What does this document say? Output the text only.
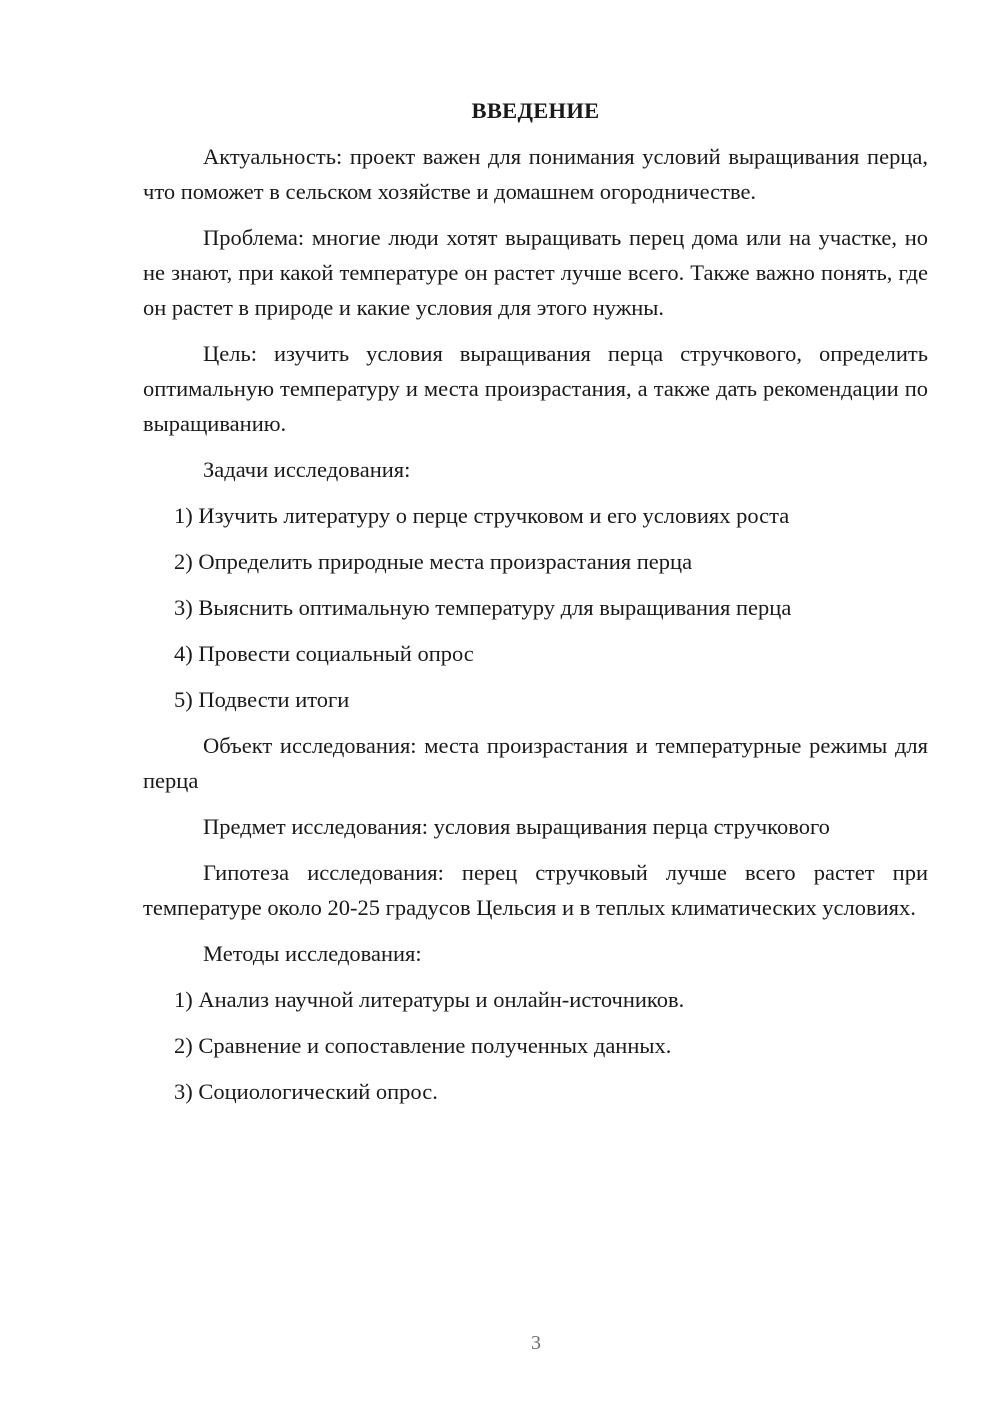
ВВЕДЕНИЕ

Актуальность: проект важен для понимания условий выращивания перца, что поможет в сельском хозяйстве и домашнем огородничестве.

Проблема: многие люди хотят выращивать перец дома или на участке, но не знают, при какой температуре он растет лучше всего. Также важно понять, где он растет в природе и какие условия для этого нужны.

Цель: изучить условия выращивания перца стручкового, определить оптимальную температуру и места произрастания, а также дать рекомендации по выращиванию.

Задачи исследования:

1) Изучить литературу о перце стручковом и его условиях роста
2) Определить природные места произрастания перца
3) Выяснить оптимальную температуру для выращивания перца
4) Провести социальный опрос
5) Подвести итоги

Объект исследования: места произрастания и температурные режимы для перца

Предмет исследования: условия выращивания перца стручкового

Гипотеза исследования: перец стручковый лучше всего растет при температуре около 20-25 градусов Цельсия и в теплых климатических условиях.

Методы исследования:

1) Анализ научной литературы и онлайн-источников.
2) Сравнение и сопоставление полученных данных.
3) Социологический опрос.
3
